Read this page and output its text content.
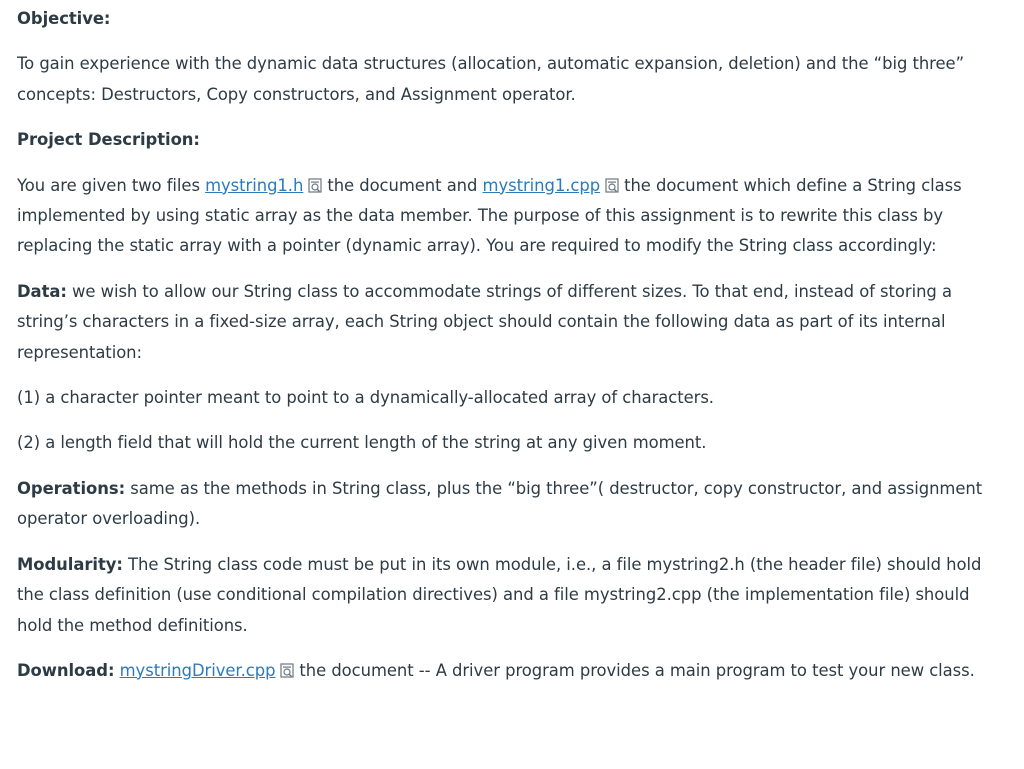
Objective:

To gain experience with the dynamic data structures (allocation, automatic expansion, deletion) and the “big three” concepts: Destructors, Copy constructors, and Assignment operator.

Project Description:

You are given two files mystring1.h the document and mystring1.cpp the document which define a String class implemented by using static array as the data member. The purpose of this assignment is to rewrite this class by replacing the static array with a pointer (dynamic array). You are required to modify the String class accordingly:

Data: we wish to allow our String class to accommodate strings of different sizes. To that end, instead of storing a string’s characters in a fixed-size array, each String object should contain the following data as part of its internal representation:

(1) a character pointer meant to point to a dynamically-allocated array of characters.

(2) a length field that will hold the current length of the string at any given moment.

Operations: same as the methods in String class, plus the “big three”( destructor, copy constructor, and assignment operator overloading).

Modularity: The String class code must be put in its own module, i.e., a file mystring2.h (the header file) should hold the class definition (use conditional compilation directives) and a file mystring2.cpp (the implementation file) should hold the method definitions.

Download: mystringDriver.cpp the document -- A driver program provides a main program to test your new class.
